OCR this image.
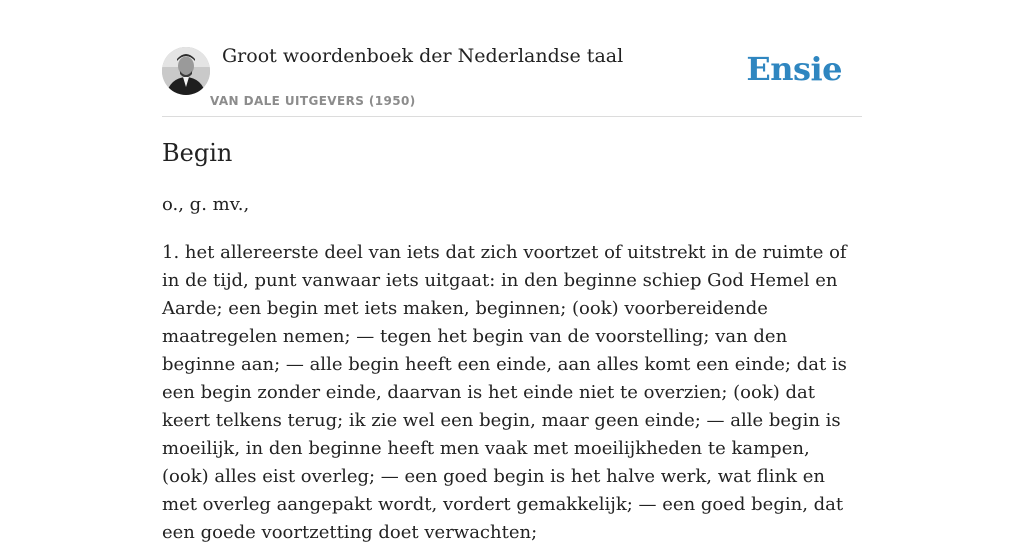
Groot woordenboek der Nederlandse taal
VAN DALE UITGEVERS (1950)
Ensie
Begin

o., g. mv.,

1. het allereerste deel van iets dat zich voortzet of uitstrekt in de ruimte of in de tijd, punt vanwaar iets uitgaat: in den beginne schiep God Hemel en Aarde; een begin met iets maken, beginnen; (ook) voorbereidende maatregelen nemen; — tegen het begin van de voorstelling; van den beginne aan; — alle begin heeft een einde, aan alles komt een einde; dat is een begin zonder einde, daarvan is het einde niet te overzien; (ook) dat keert telkens terug; ik zie wel een begin, maar geen einde; — alle begin is moeilijk, in den beginne heeft men vaak met moeilijkheden te kampen, (ook) alles eist overleg; — een goed begin is het halve werk, wat flink en met overleg aangepakt wordt, vordert gemakkelijk; — een goed begin, dat een goede voortzetting doet verwachten;
